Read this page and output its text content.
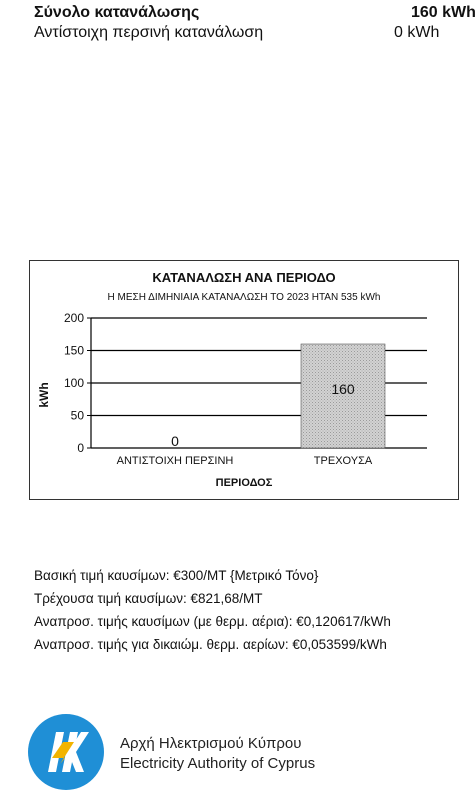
Σύνολο κατανάλωσης	160 kWh
Αντίστοιχη περσινή κατανάλωση	0 kWh
ΚΑΤΑΝΑΛΩΣΗ ΑΝΑ ΠΕΡΙΟΔΟ
Η ΜΕΣΗ ΔΙΜΗΝΙΑΙΑ ΚΑΤΑΝΑΛΩΣΗ ΤΟ 2023 ΗΤΑΝ 535 kWh
0
50
100
150
200
0
ΑΝΤΙΣΤΟΙΧΗ ΠΕΡΣΙΝΗ
160
ΤΡΕΧΟΥΣΑ
kWh
ΠΕΡΙΟΔΟΣ
Βασική τιμή καυσίμων: €300/ΜΤ {Μετρικό Τόνο}
Τρέχουσα τιμή καυσίμων: €821,68/ΜΤ
Αναπροσ. τιμής καυσίμων (με θερμ. αέρια): €0,120617/kWh
Αναπροσ. τιμής για δικαιώμ. θερμ. αερίων: €0,053599/kWh
Αρχή Ηλεκτρισμού Κύπρου
Electricity Authority of Cyprus
